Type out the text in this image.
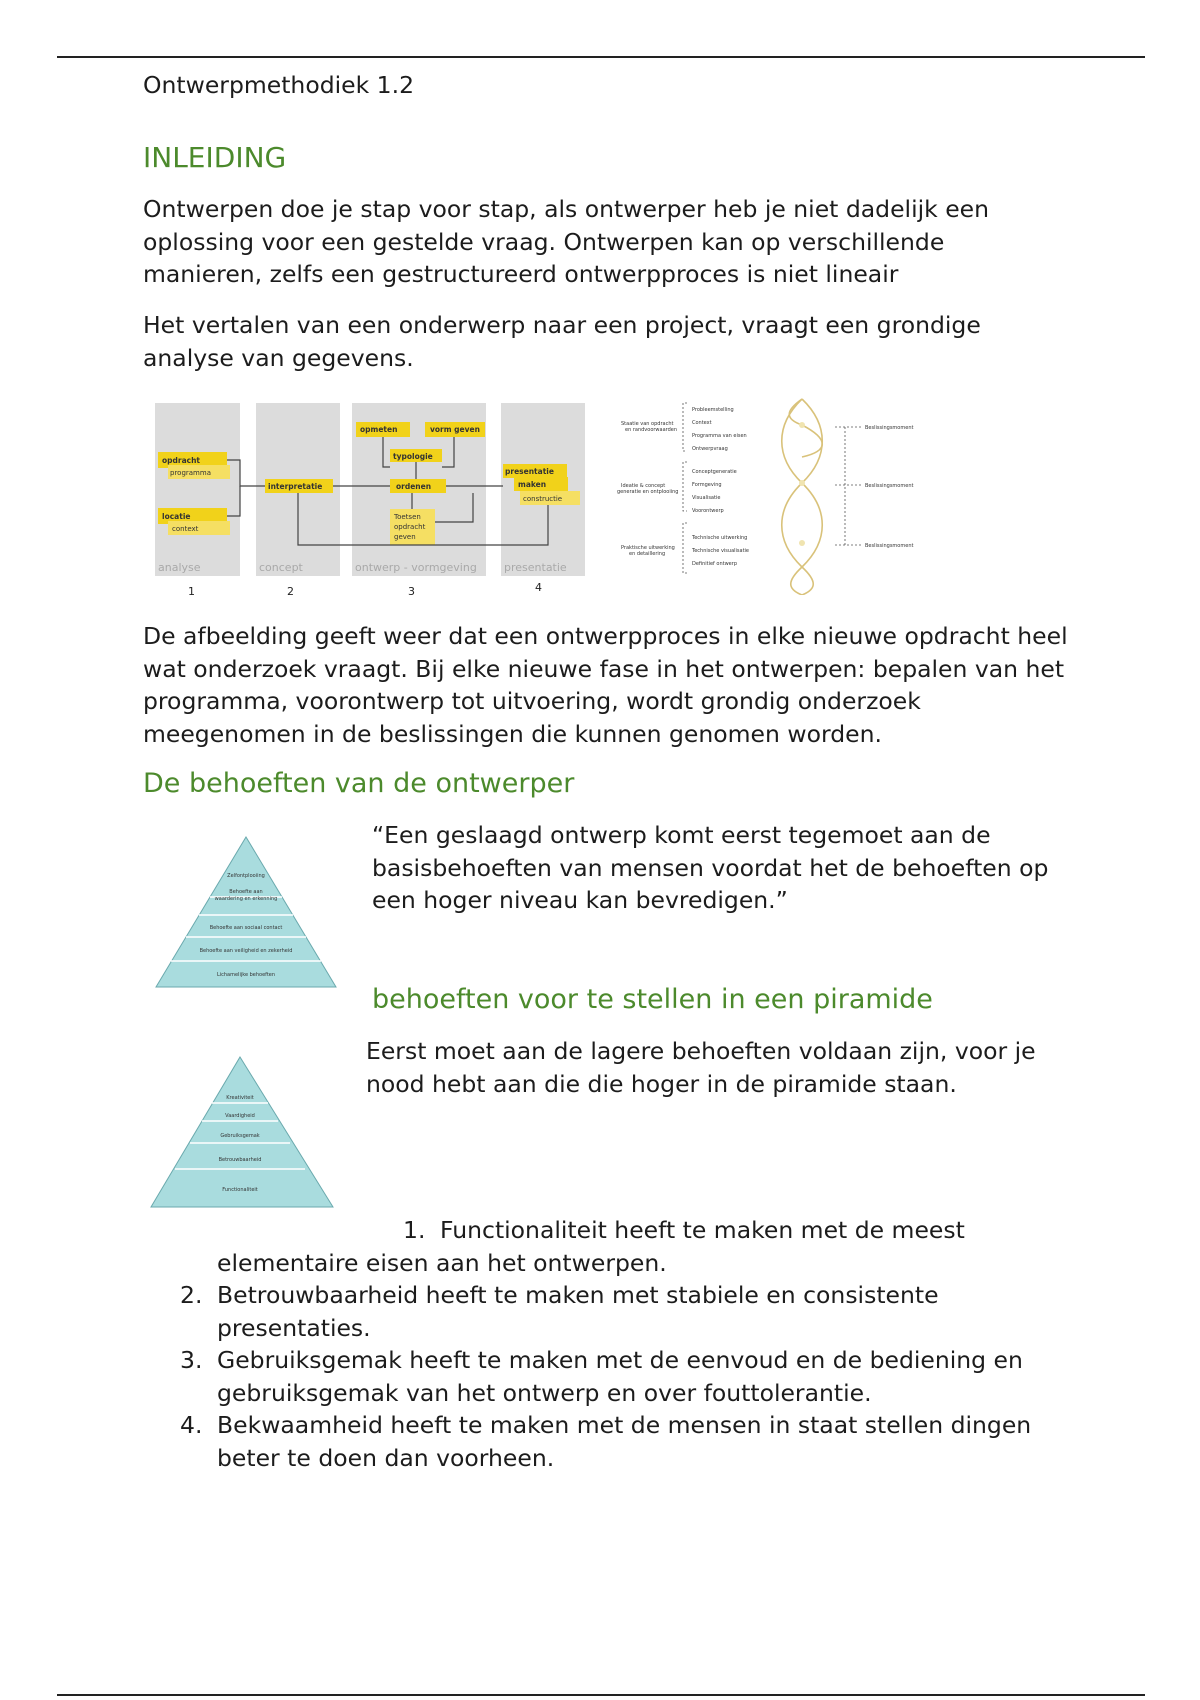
Ontwerpmethodiek 1.2

INLEIDING

Ontwerpen doe je stap voor stap, als ontwerper heb je niet dadelijk een oplossing voor een gestelde vraag. Ontwerpen kan op verschillende manieren, zelfs een gestructureerd ontwerpproces is niet lineair

Het vertalen van een onderwerp naar een project, vraagt een grondige analyse van gegevens.

opdracht
programma
locatie
context
interpretatie
opmeten	vorm geven
typologie
ordenen
Toetsen
opdracht
geven
presentatie
maken
constructie
analyse	concept	ontwerp - vormgeving presentatie
1	2	3	4
Staatie van opdracht
en randvoorwaarden
Ideatie & concept
generatie en ontplooiing
Praktische uitwerking
en detaillering
Probleemstelling
Context
Programma van eisen
Ontwerpvraag
Conceptgeneratie
Formgeving
Visualisatie
Voorontwerp
Technische uitwerking
Technische visualisatie
Definitief ontwerp
Beslissingsmoment
Beslissingsmoment
Beslissingsmoment

De afbeelding geeft weer dat een ontwerpproces in elke nieuwe opdracht heel wat onderzoek vraagt. Bij elke nieuwe fase in het ontwerpen: bepalen van het programma, voorontwerp tot uitvoering, wordt grondig onderzoek meegenomen in de beslissingen die kunnen genomen worden.

De behoeften van de ontwerper
Zelfontplooiing
Behoefte aan
waardering en erkenning
Behoefte aan sociaal contact
Behoefte aan veiligheid en zekerheid
Lichamelijke behoeften

“Een geslaagd ontwerp komt eerst tegemoet aan de basisbehoeften van mensen voordat het de behoeften op een hoger niveau kan bevredigen.”

behoeften voor te stellen in een piramide
Kreativiteit
Vaardigheid
Gebruiksgemak
Betrouwbaarheid
Functionaliteit

Eerst moet aan de lagere behoeften voldaan zijn, voor je nood hebt aan die die hoger in de piramide staan.

1. Functionaliteit heeft te maken met de meest
elementaire eisen aan het ontwerpen.
2. Betrouwbaarheid heeft te maken met stabiele en consistente presentaties.
3. Gebruiksgemak heeft te maken met de eenvoud en de bediening en gebruiksgemak van het ontwerp en over fouttolerantie.
4. Bekwaamheid heeft te maken met de mensen in staat stellen dingen beter te doen dan voorheen.
